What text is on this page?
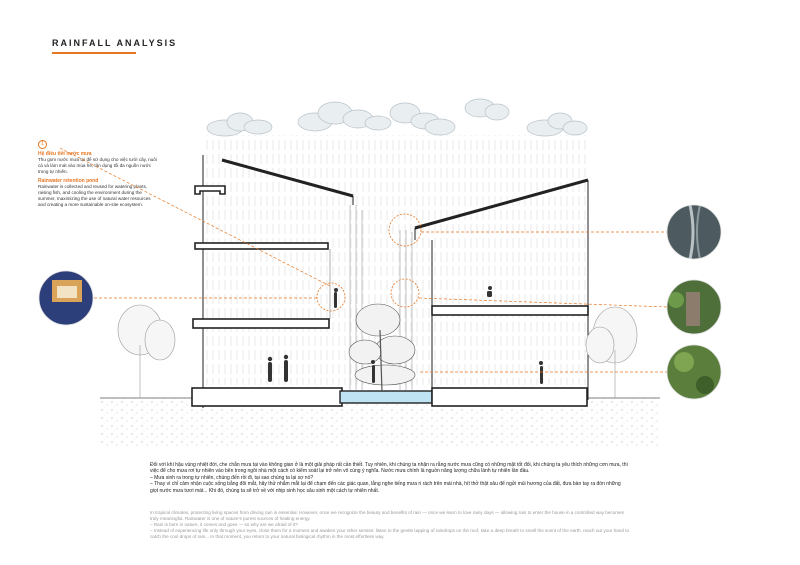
RAINFALL ANALYSIS
1

Hệ điều tiết nước mưa
Thu gom nước mưa tại để sử dụng cho việc tưới cây, nuôi cá và làm mát vào mùa hè, tận dụng tối đa nguồn nước trong tự nhiên.

Rainwater retention pond
Rainwater is collected and reused for watering plants, raising fish, and cooling the environment during the summer, maximizing the use of natural water resources and creating a more sustainable on-site ecosystem.

Đối với khí hậu vùng nhiệt đới, che chắn mưa tại vào không gian ở là một giải pháp rất cần thiết. Tuy nhiên, khi chúng ta nhận ra rằng nước mưa cũng có những mặt tốt đối, khi chúng ta yêu thích những cơn mưa, thì việc để cho mưa rơi tự nhiên vào bên trong ngôi nhà một cách có kiểm soát lại trở nên vô cùng ý nghĩa. Nước mưa chính là nguồn năng lượng chữa lành tự nhiên lần đầu.

– Mưa sinh ra trong tự nhiên, chúng đến rồi đi, tại sao chúng ta lại sợ nó?

– Thay vì chỉ cảm nhận cuộc sống bằng đôi mắt, hãy thử nhắm mắt lại để chạm đến các giác quan, lắng nghe tiếng mưa ri rách trên mái nhà, hít thở thật sâu để ngửi mùi hương của đất, đưa bàn tay ra đón những giọt nước mưa tươi mát... Khi đó, chúng ta sẽ trở về với nhịp sinh học sâu sinh một cách tự nhiên nhất.

In tropical climates, protecting living spaces from driving rain is essential. However, once we recognize the beauty and benefits of rain — once we learn to love rainy days — allowing rain to enter the house in a controlled way becomes truly meaningful. Rainwater is one of nature's purest sources of healing energy.

– Rain is born in nature, it comes and goes — so why are we afraid of it?

– Instead of experiencing life only through your eyes, close them for a moment and awaken your other senses: listen to the gentle tapping of raindrops on the roof, take a deep breath to smell the scent of the earth, reach out your hand to catch the cool drops of rain... In that moment, you return to your natural biological rhythm in the most effortless way.
